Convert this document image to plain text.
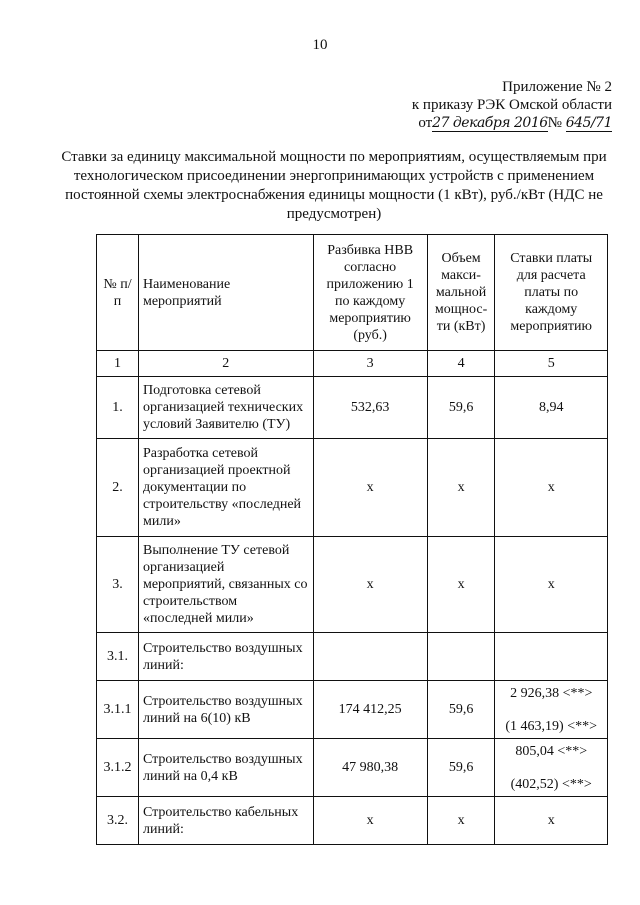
10
Приложение № 2
к приказу РЭК Омской области
от27 декабря 2016№ 645/71
Ставки за единицу максимальной мощности по мероприятиям, осуществляемым при технологическом присоединении энергопринимающих устройств с применением постоянной схемы электроснабжения единицы мощности (1 кВт), руб./кВт (НДС не предусмотрен)
№ п/п	Наименование мероприятий	Разбивка НВВ согласно приложению 1 по каждому мероприятию (руб.)	Объем макси-мальной мощнос-ти (кВт)	Ставки платы для расчета платы по каждому мероприятию
1	2	3	4	5
1.	Подготовка сетевой организацией технических условий Заявителю (ТУ)	532,63	59,6	8,94
2.	Разработка сетевой организацией проектной документации по строительству «последней мили»	x	x	x
3.	Выполнение ТУ сетевой организацией мероприятий, связанных со строительством «последней мили»	x	x	x
3.1.	Строительство воздушных линий:			
3.1.1	Строительство воздушных линий на 6(10) кВ	174 412,25	59,6	2 926,38 <**>
(1 463,19) <**>

3.1.2	Строительство воздушных линий на 0,4 кВ	47 980,38	59,6	805,04 <**>
(402,52) <**>

3.2.	Строительство кабельных линий:	x	x	x
